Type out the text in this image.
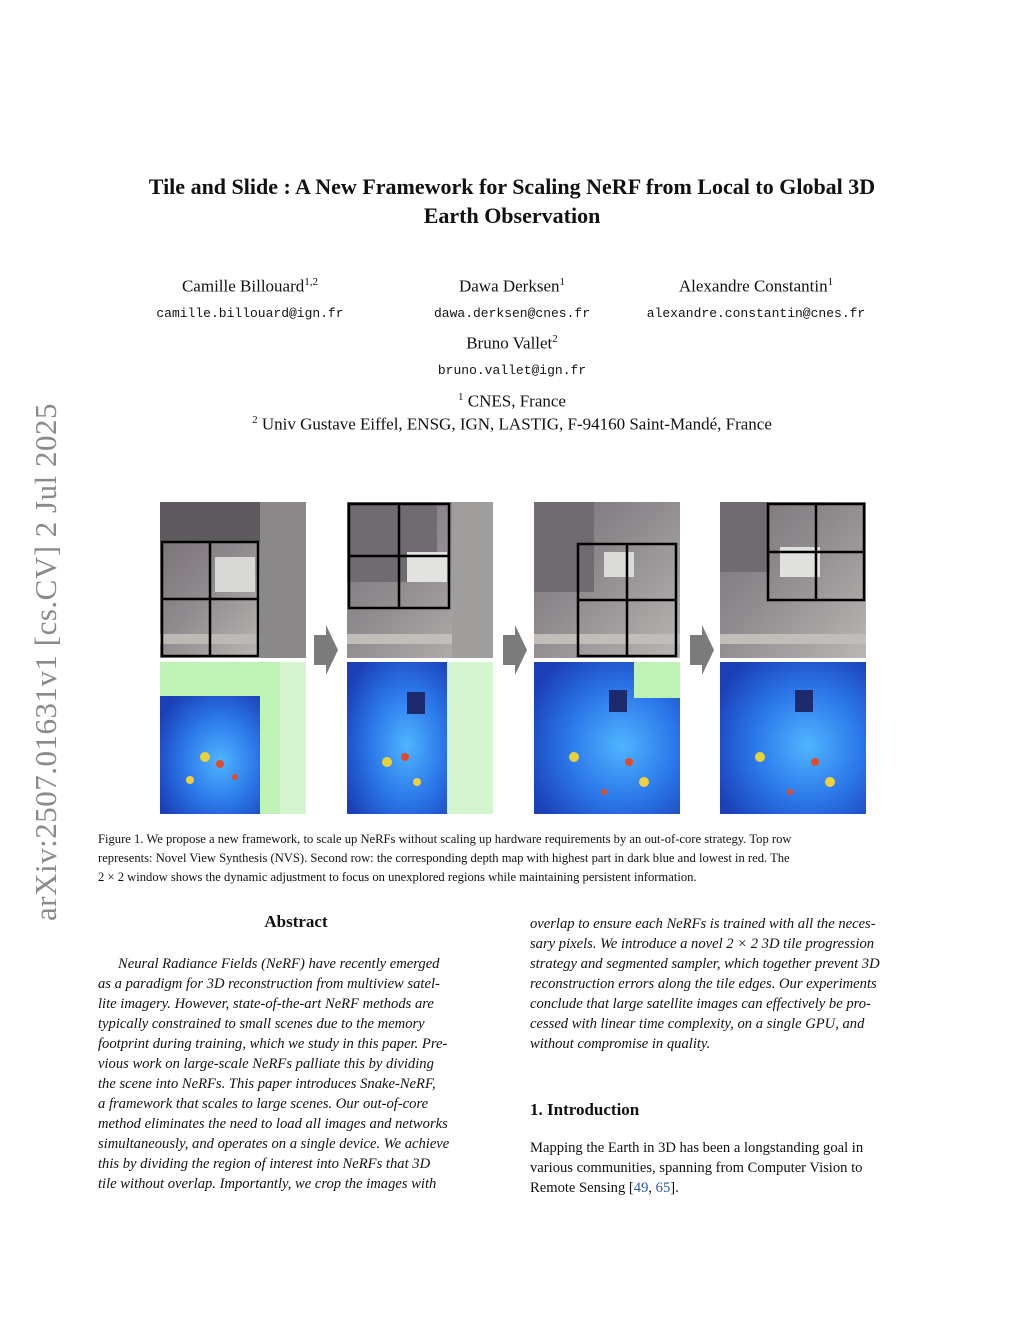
arXiv:2507.01631v1 [cs.CV] 2 Jul 2025
Tile and Slide : A New Framework for Scaling NeRF from Local to Global 3D
Earth Observation
Camille Billouard$^{1,2}$
camille.billouard@ign.fr
Dawa Derksen$^1$
dawa.derksen@cnes.fr
Alexandre Constantin$^1$
alexandre.constantin@cnes.fr
Bruno Vallet$^2$
bruno.vallet@ign.fr
$^1$ CNES, France
$^2$ Univ Gustave Eiffel, ENSG, IGN, LASTIG, F-94160 Saint-Mandé, France
Figure 1. We propose a new framework, to scale up NeRFs without scaling up hardware requirements by an out-of-core strategy. Top row
represents: Novel View Synthesis (NVS). Second row: the corresponding depth map with highest part in dark blue and lowest in red. The
2 × 2 window shows the dynamic adjustment to focus on unexplored regions while maintaining persistent information.
Abstract
Neural Radiance Fields (NeRF) have recently emerged
as a paradigm for 3D reconstruction from multiview satel-
lite imagery. However, state-of-the-art NeRF methods are
typically constrained to small scenes due to the memory
footprint during training, which we study in this paper. Pre-
vious work on large-scale NeRFs palliate this by dividing
the scene into NeRFs. This paper introduces Snake-NeRF,
a framework that scales to large scenes. Our out-of-core
method eliminates the need to load all images and networks
simultaneously, and operates on a single device. We achieve
this by dividing the region of interest into NeRFs that 3D
tile without overlap. Importantly, we crop the images with
overlap to ensure each NeRFs is trained with all the neces-
sary pixels. We introduce a novel 2 × 2 3D tile progression
strategy and segmented sampler, which together prevent 3D
reconstruction errors along the tile edges. Our experiments
conclude that large satellite images can effectively be pro-
cessed with linear time complexity, on a single GPU, and
without compromise in quality.
1. Introduction
Mapping the Earth in 3D has been a longstanding goal in
various communities, spanning from Computer Vision to
Remote Sensing [49, 65].
